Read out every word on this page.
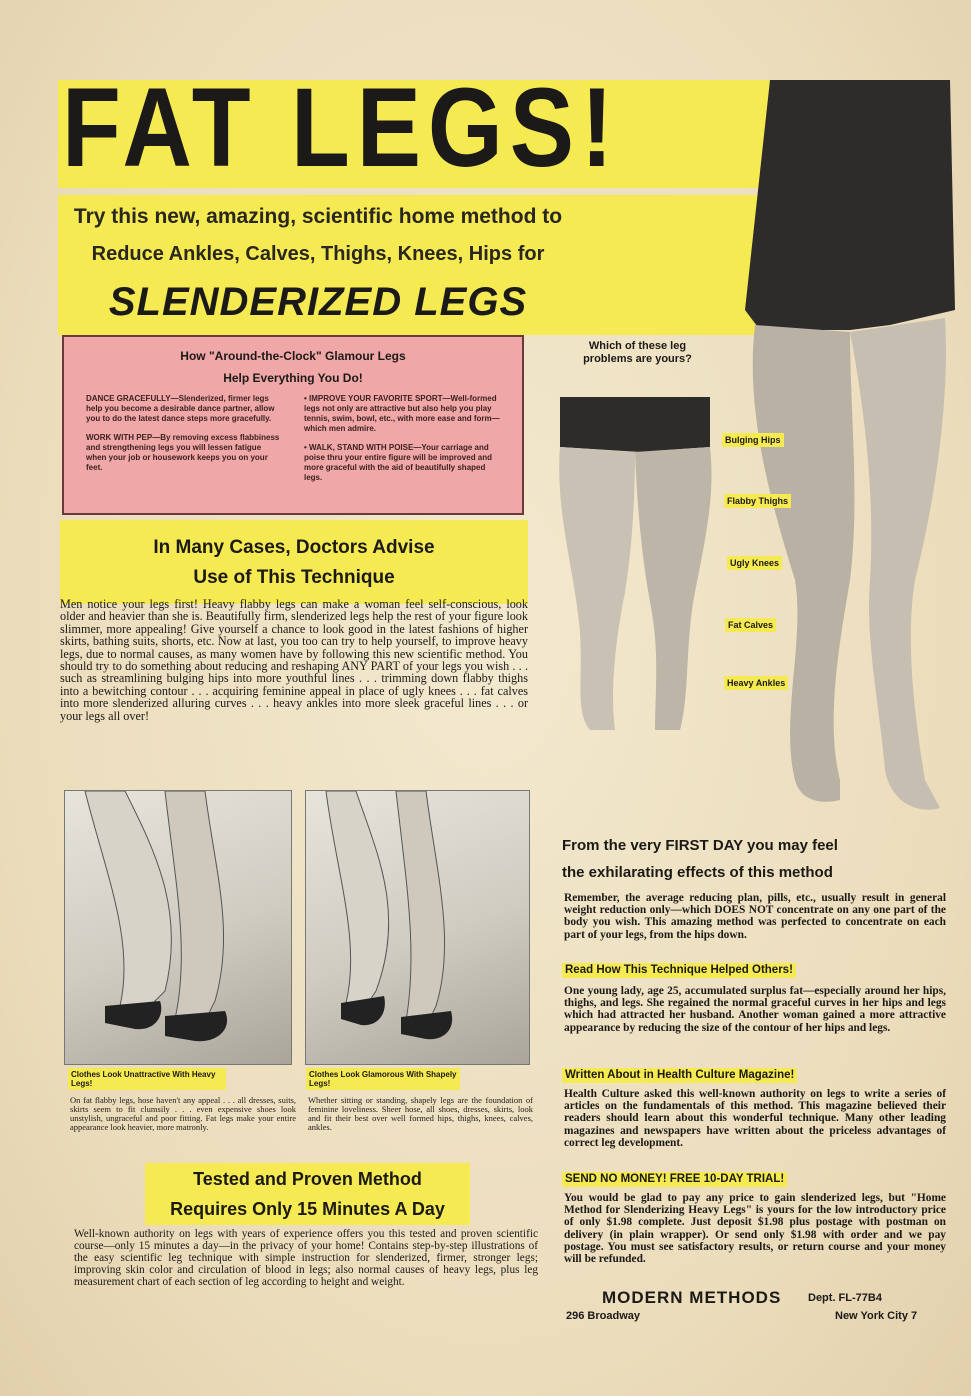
FAT LEGS!
Try this new, amazing, scientific home method to
Reduce Ankles, Calves, Thighs, Knees, Hips for
SLENDERIZED LEGS
Which of these leg problems are yours?
Bulging Hips
Flabby Thighs
Ugly Knees
Fat Calves
Heavy Ankles
How "Around-the-Clock" Glamour Legs
Help Everything You Do!

DANCE GRACEFULLY—Slenderized, firmer legs help you become a desirable dance partner, allow you to do the latest dance steps more gracefully.

WORK WITH PEP—By removing excess flabbiness and strengthening legs you will lessen fatigue when your job or housework keeps you on your feet.

• IMPROVE YOUR FAVORITE SPORT—Well-formed legs not only are attractive but also help you play tennis, swim, bowl, etc., with more ease and form—which men admire.

• WALK, STAND WITH POISE—Your carriage and poise thru your entire figure will be improved and more graceful with the aid of beautifully shaped legs.

In Many Cases, Doctors Advise
Use of This Technique
Men notice your legs first! Heavy flabby legs can make a woman feel self-conscious, look older and heavier than she is. Beautifully firm, slenderized legs help the rest of your figure look slimmer, more appealing! Give yourself a chance to look good in the latest fashions of higher skirts, bathing suits, shorts, etc. Now at last, you too can try to help yourself, to improve heavy legs, due to normal causes, as many women have by following this new scientific method. You should try to do something about reducing and reshaping ANY PART of your legs you wish . . . such as streamlining bulging hips into more youthful lines . . . trimming down flabby thighs into a bewitching contour . . . acquiring feminine appeal in place of ugly knees . . . fat calves into more slenderized alluring curves . . . heavy ankles into more sleek graceful lines . . . or your legs all over!
Clothes Look Unattractive With Heavy Legs!
On fat flabby legs, hose haven't any appeal . . . all dresses, suits, skirts seem to fit clumsily . . . even expensive shoes look unstylish, ungraceful and poor fitting. Fat legs make your entire appearance look heavier, more matronly.
Clothes Look Glamorous With Shapely Legs!
Whether sitting or standing, shapely legs are the foundation of feminine loveliness. Sheer hose, all shoes, dresses, skirts, look and fit their best over well formed hips, thighs, knees, calves, ankles.
Tested and Proven Method
Requires Only 15 Minutes A Day
Well-known authority on legs with years of experience offers you this tested and proven scientific course—only 15 minutes a day—in the privacy of your home! Contains step-by-step illustrations of the easy scientific leg technique with simple instruction for slenderized, firmer, stronger legs; improving skin color and circulation of blood in legs; also normal causes of heavy legs, plus leg measurement chart of each section of leg according to height and weight.
From the very FIRST DAY you may feel
the exhilarating effects of this method
Remember, the average reducing plan, pills, etc., usually result in general weight reduction only—which DOES NOT concentrate on any one part of the body you wish. This amazing method was perfected to concentrate on each part of your legs, from the hips down.
Read How This Technique Helped Others!
One young lady, age 25, accumulated surplus fat—especially around her hips, thighs, and legs. She regained the normal graceful curves in her hips and legs which had attracted her husband. Another woman gained a more attractive appearance by reducing the size of the contour of her hips and legs.
Written About in Health Culture Magazine!
Health Culture asked this well-known authority on legs to write a series of articles on the fundamentals of this method. This magazine believed their readers should learn about this wonderful technique. Many other leading magazines and newspapers have written about the priceless advantages of correct leg development.
SEND NO MONEY! FREE 10-DAY TRIAL!
You would be glad to pay any price to gain slenderized legs, but "Home Method for Slenderizing Heavy Legs" is yours for the low introductory price of only $1.98 complete. Just deposit $1.98 plus postage with postman on delivery (in plain wrapper). Or send only $1.98 with order and we pay postage. You must see satisfactory results, or return course and your money will be refunded.
MODERN METHODS Dept. FL-77B4
296 Broadway	New York City 7
